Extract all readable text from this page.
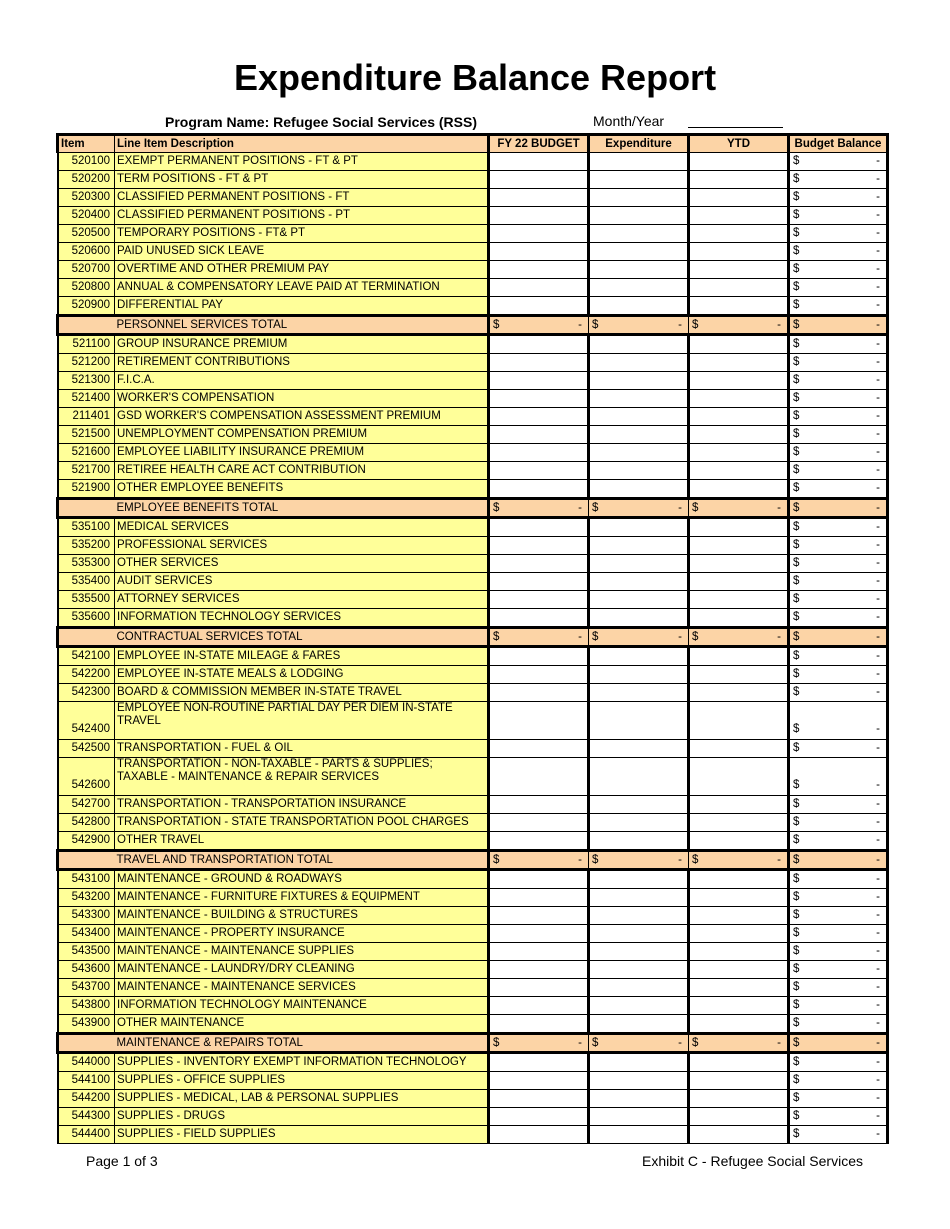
Expenditure Balance Report
Program Name: Refugee Social Services (RSS)	Month/Year
Item	Line Item Description	FY 22 BUDGET	Expenditure	YTD	Budget Balance
520100	EXEMPT PERMANENT POSITIONS - FT & PT				$ -

520200	TERM POSITIONS - FT & PT				$ -

520300	CLASSIFIED PERMANENT POSITIONS - FT				$ -

520400	CLASSIFIED PERMANENT POSITIONS - PT				$ -

520500	TEMPORARY POSITIONS - FT& PT				$ -

520600	PAID UNUSED SICK LEAVE				$ -

520700	OVERTIME AND OTHER PREMIUM PAY				$ -

520800	ANNUAL & COMPENSATORY LEAVE PAID AT TERMINATION				$ -

520900	DIFFERENTIAL PAY				$ -

	PERSONNEL SERVICES TOTAL	$ -	$ -	$ -	$ -

521100	GROUP INSURANCE PREMIUM				$ -

521200	RETIREMENT CONTRIBUTIONS				$ -

521300	F.I.C.A.				$ -

521400	WORKER'S COMPENSATION				$ -

211401	GSD WORKER'S COMPENSATION ASSESSMENT PREMIUM				$ -

521500	UNEMPLOYMENT COMPENSATION PREMIUM				$ -

521600	EMPLOYEE LIABILITY INSURANCE PREMIUM				$ -

521700	RETIREE HEALTH CARE ACT CONTRIBUTION				$ -

521900	OTHER EMPLOYEE BENEFITS				$ -

	EMPLOYEE BENEFITS TOTAL	$ -	$ -	$ -	$ -

535100	MEDICAL SERVICES				$ -

535200	PROFESSIONAL SERVICES				$ -

535300	OTHER SERVICES				$ -

535400	AUDIT SERVICES				$ -

535500	ATTORNEY SERVICES				$ -

535600	INFORMATION TECHNOLOGY SERVICES				$ -

	CONTRACTUAL SERVICES TOTAL	$ -	$ -	$ -	$ -

542100	EMPLOYEE IN-STATE MILEAGE & FARES				$ -

542200	EMPLOYEE IN-STATE MEALS & LODGING				$ -

542300	BOARD & COMMISSION MEMBER IN-STATE TRAVEL				$ -

542400	EMPLOYEE NON-ROUTINE PARTIAL DAY PER DIEM IN-STATE TRAVEL				$ -

542500	TRANSPORTATION - FUEL & OIL				$ -

542600	TRANSPORTATION - NON-TAXABLE - PARTS & SUPPLIES; TAXABLE - MAINTENANCE & REPAIR SERVICES				$ -

542700	TRANSPORTATION - TRANSPORTATION INSURANCE				$ -

542800	TRANSPORTATION - STATE TRANSPORTATION POOL CHARGES				$ -

542900	OTHER TRAVEL				$ -

	TRAVEL AND TRANSPORTATION TOTAL	$ -	$ -	$ -	$ -

543100	MAINTENANCE - GROUND & ROADWAYS				$ -

543200	MAINTENANCE - FURNITURE FIXTURES & EQUIPMENT				$ -

543300	MAINTENANCE - BUILDING & STRUCTURES				$ -

543400	MAINTENANCE - PROPERTY INSURANCE				$ -

543500	MAINTENANCE - MAINTENANCE SUPPLIES				$ -

543600	MAINTENANCE - LAUNDRY/DRY CLEANING				$ -

543700	MAINTENANCE - MAINTENANCE SERVICES				$ -

543800	INFORMATION TECHNOLOGY MAINTENANCE				$ -

543900	OTHER MAINTENANCE				$ -

	MAINTENANCE & REPAIRS TOTAL	$ -	$ -	$ -	$ -

544000	SUPPLIES - INVENTORY EXEMPT INFORMATION TECHNOLOGY				$ -

544100	SUPPLIES - OFFICE SUPPLIES				$ -

544200	SUPPLIES - MEDICAL, LAB & PERSONAL SUPPLIES				$ -

544300	SUPPLIES - DRUGS				$ -

544400	SUPPLIES - FIELD SUPPLIES				$ -
Page 1 of 3	Exhibit C - Refugee Social Services
